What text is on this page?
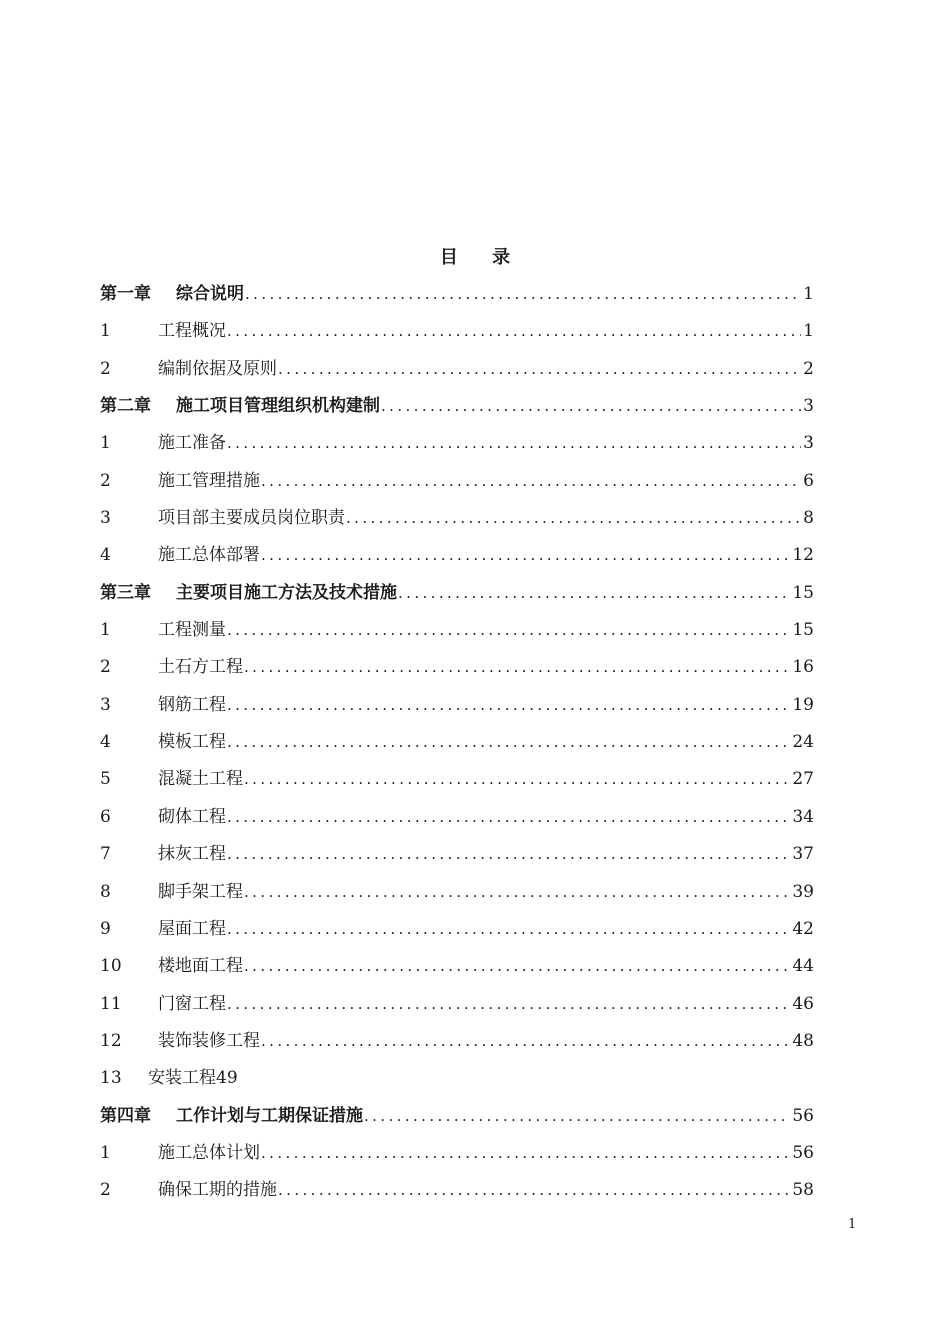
目 录
第一章	综合说明 .....	1
1	工程概况 .....	1
2	编制依据及原则 .....	2
第二章	施工项目管理组织机构建制 .....	3
1	施工准备 .....	3
2	施工管理措施 .....	6
3	项目部主要成员岗位职责 .....	8
4	施工总体部署 .....	12
第三章	主要项目施工方法及技术措施 .....	15
1	工程测量 .....	15
2	土石方工程 .....	16
3	钢筋工程 .....	19
4	模板工程 .....	24
5	混凝土工程 .....	27
6	砌体工程 .....	34
7	抹灰工程 .....	37
8	脚手架工程 .....	39
9	屋面工程 .....	42
10	楼地面工程 .....	44
11	门窗工程 .....	46
12	装饰装修工程 .....	48
13	安装工程49
第四章	工作计划与工期保证措施 .....	56
1	施工总体计划 .....	56
2	确保工期的措施 .....	58
1
